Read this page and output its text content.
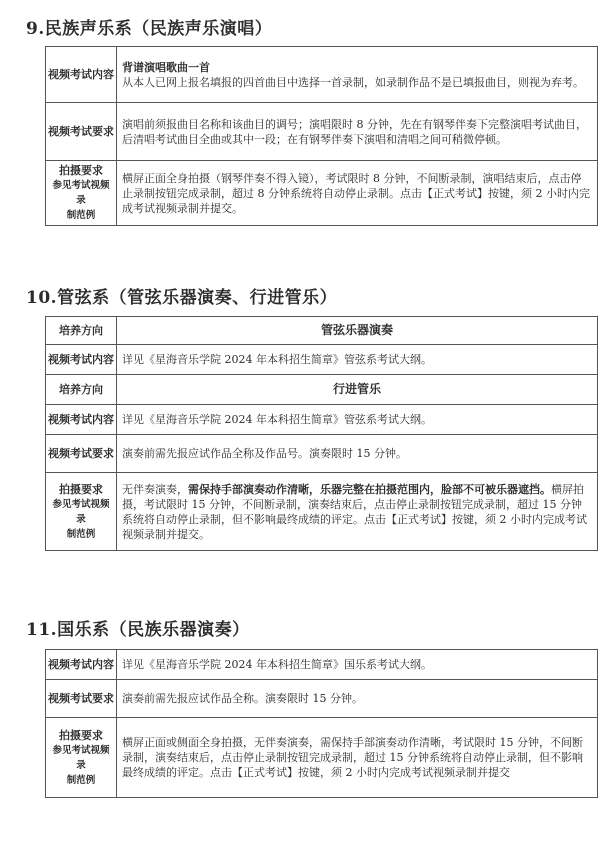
9.民族声乐系（民族声乐演唱）
视频考试内容	背谱演唱歌曲一首

从本人已网上报名填报的四首曲目中选择一首录制，如录制作品不是已填报曲目，则视为弃考。

视频考试要求	演唱前须报曲目名称和该曲目的调号；演唱限时 8 分钟，先在有钢琴伴奏下完整演唱考试曲目，后清唱考试曲目全曲或其中一段；在有钢琴伴奏下演唱和清唱之间可稍微停顿。

拍摄要求
参见考试视频录
制范例	横屏正面全身拍摄（钢琴伴奏不得入镜），考试限时 8 分钟，不间断录制，演唱结束后，点击停止录制按钮完成录制，超过 8 分钟系统将自动停止录制。点击【正式考试】按键，须 2 小时内完成考试视频录制并提交。
10.管弦系（管弦乐器演奏、行进管乐）
培养方向	管弦乐器演奏
视频考试内容	详见《星海音乐学院 2024 年本科招生简章》管弦系考试大纲。
培养方向	行进管乐
视频考试内容	详见《星海音乐学院 2024 年本科招生简章》管弦系考试大纲。
视频考试要求	演奏前需先报应试作品全称及作品号。演奏限时 15 分钟。

拍摄要求
参见考试视频录
制范例	无伴奏演奏，需保持手部演奏动作清晰，乐器完整在拍摄范围内，脸部不可被乐器遮挡。横屏拍摄，考试限时 15 分钟，不间断录制，演奏结束后，点击停止录制按钮完成录制，超过 15 分钟系统将自动停止录制，但不影响最终成绩的评定。点击【正式考试】按键，须 2 小时内完成考试视频录制并提交。
11.国乐系（民族乐器演奏）
视频考试内容	详见《星海音乐学院 2024 年本科招生简章》国乐系考试大纲。
视频考试要求	演奏前需先报应试作品全称。演奏限时 15 分钟。

拍摄要求
参见考试视频录
制范例	横屏正面或侧面全身拍摄，无伴奏演奏，需保持手部演奏动作清晰，考试限时 15 分钟，不间断录制，演奏结束后，点击停止录制按钮完成录制，超过 15 分钟系统将自动停止录制，但不影响最终成绩的评定。点击【正式考试】按键，须 2 小时内完成考试视频录制并提交
